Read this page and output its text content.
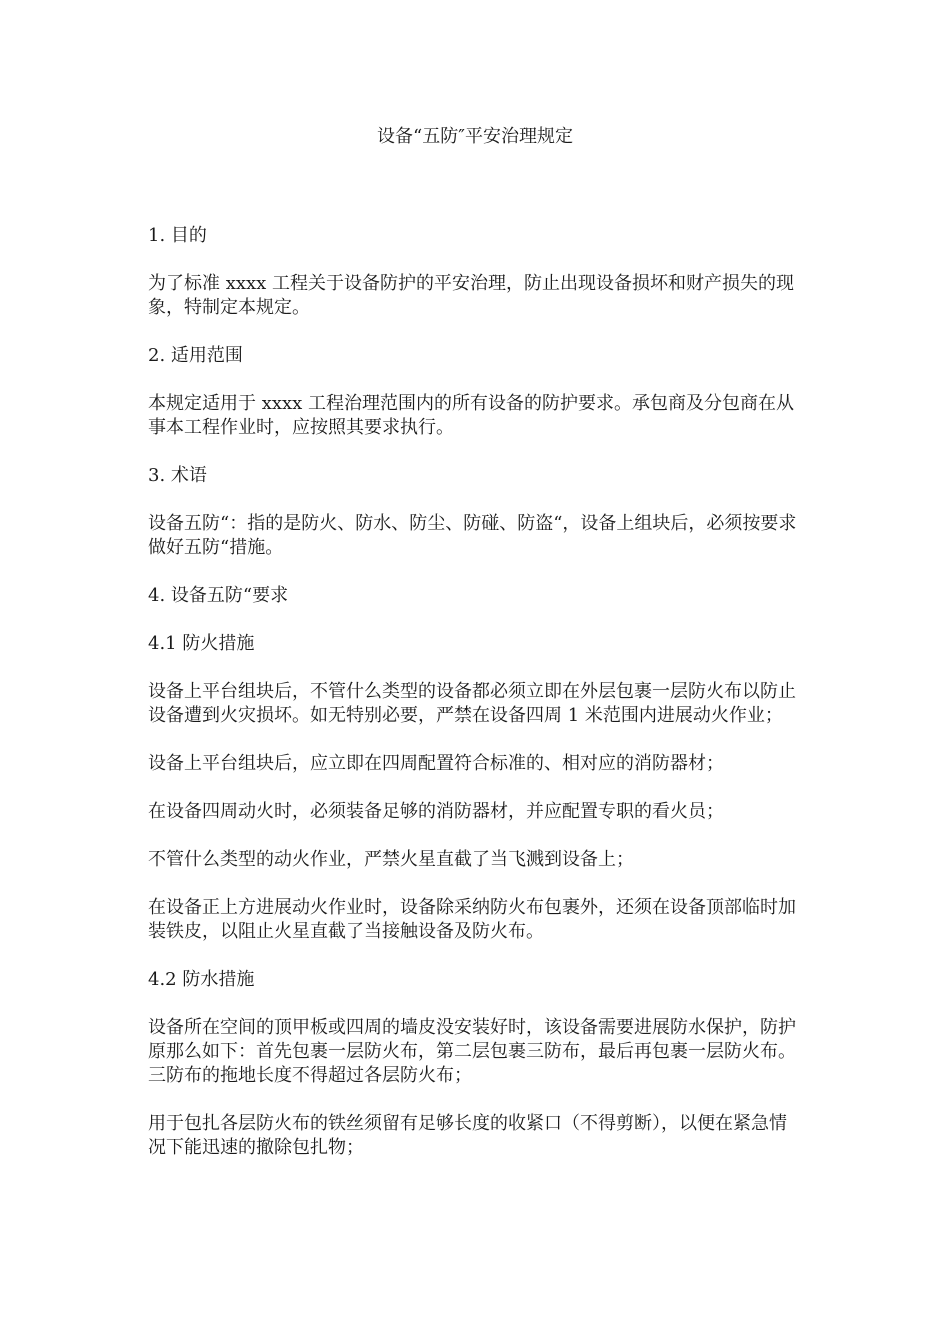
设备“五防″平安治理规定

1. 目的

为了标准 xxxx 工程关于设备防护的平安治理，防止出现设备损坏和财产损失的现象，特制定本规定。

2. 适用范围

本规定适用于 xxxx 工程治理范围内的所有设备的防护要求。承包商及分包商在从事本工程作业时，应按照其要求执行。

3. 术语

设备五防“：指的是防火、防水、防尘、防碰、防盗“，设备上组块后，必须按要求做好五防“措施。

4. 设备五防“要求

4.1 防火措施

设备上平台组块后，不管什么类型的设备都必须立即在外层包裹一层防火布以防止设备遭到火灾损坏。如无特别必要，严禁在设备四周 1 米范围内进展动火作业；

设备上平台组块后，应立即在四周配置符合标准的、相对应的消防器材；

在设备四周动火时，必须装备足够的消防器材，并应配置专职的看火员；

不管什么类型的动火作业，严禁火星直截了当飞溅到设备上；

在设备正上方进展动火作业时，设备除采纳防火布包裹外，还须在设备顶部临时加装铁皮，以阻止火星直截了当接触设备及防火布。

4.2 防水措施

设备所在空间的顶甲板或四周的墙皮没安装好时，该设备需要进展防水保护，防护原那么如下：首先包裹一层防火布，第二层包裹三防布，最后再包裹一层防火布。三防布的拖地长度不得超过各层防火布；

用于包扎各层防火布的铁丝须留有足够长度的收紧口（不得剪断），以便在紧急情况下能迅速的撤除包扎物；
